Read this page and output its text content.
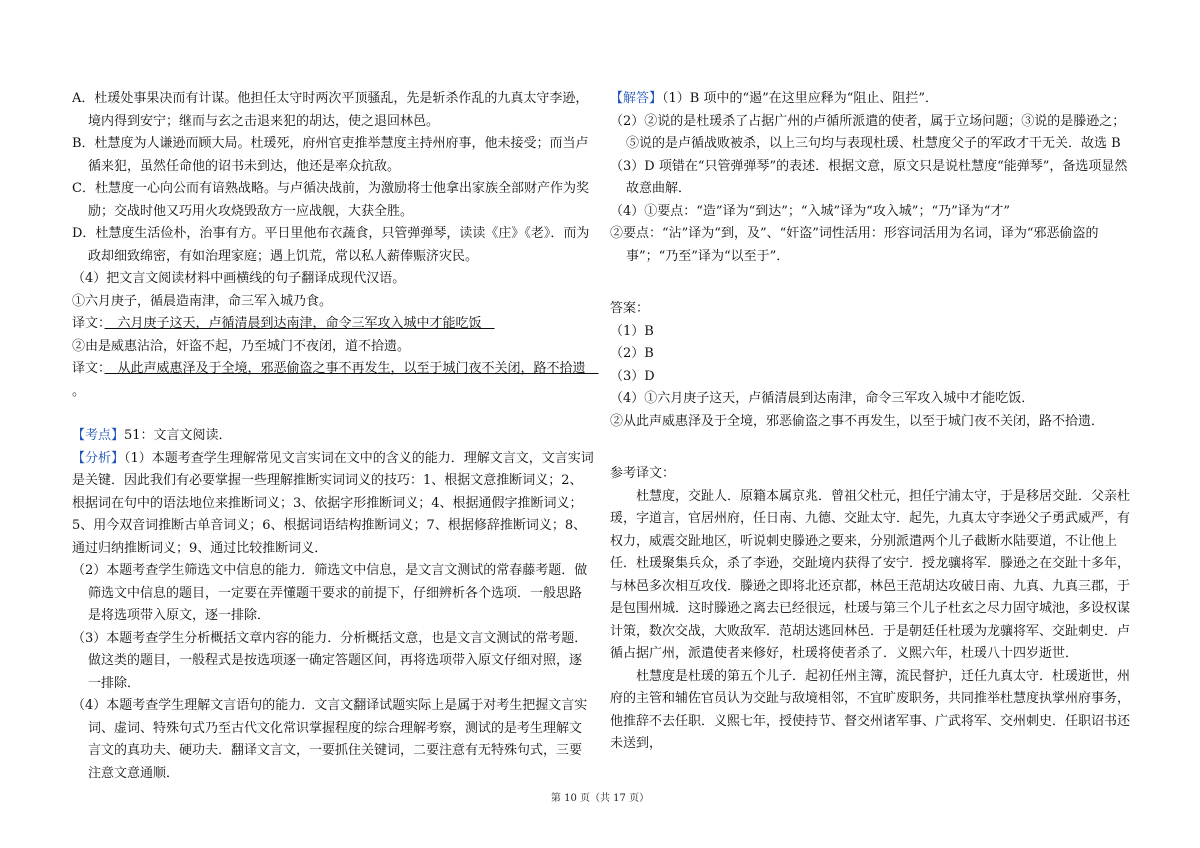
A．杜瑗处事果决而有计谋。他担任太守时两次平顶骚乱，先是斩杀作乱的九真太守李逊，境内得到安宁；继而与玄之击退来犯的胡达，使之退回林邑。

B．杜慧度为人谦逊而顾大局。杜瑗死，府州官吏推举慧度主持州府事，他未接受；而当卢循来犯，虽然任命他的诏书未到达，他还是率众抗敌。

C．杜慧度一心向公而有谙熟战略。与卢循决战前，为激励将士他拿出家族全部财产作为奖励；交战时他又巧用火攻烧毁敌方一应战舰，大获全胜。

D．杜慧度生活俭朴，治事有方。平日里他布衣蔬食，只管弹弹琴，读读《庄》《老》．而为政却细致绵密，有如治理家庭；遇上饥荒，常以私人薪俸赈济灾民。

（4）把文言文阅读材料中画横线的句子翻译成现代汉语。

①六月庚子，循晨造南津，命三军入城乃食。

译文：　六月庚子这天，卢循清晨到达南津，命令三军攻入城中才能吃饭　

②由是威惠沾洽，奸盗不起，乃至城门不夜闭，道不拾遗。

译文：　从此声威惠泽及于全境，邪恶偷盗之事不再发生，以至于城门夜不关闭，路不拾遗　。

【考点】51：文言文阅读．

【分析】（1）本题考查学生理解常见文言实词在文中的含义的能力．理解文言文，文言实词是关键．因此我们有必要掌握一些理解推断实词词义的技巧：1、根据文意推断词义；2、根据词在句中的语法地位来推断词义；3、依据字形推断词义；4、根据通假字推断词义；5、用今双音词推断古单音词义；6、根据词语结构推断词义；7、根据修辞推断词义；8、通过归纳推断词义；9、通过比较推断词义．

（2）本题考查学生筛选文中信息的能力．筛选文中信息，是文言文测试的常春藤考题．做筛选文中信息的题目，一定要在弄懂题干要求的前提下，仔细辨析各个选项．一般思路是将选项带入原文，逐一排除．

（3）本题考查学生分析概括文章内容的能力．分析概括文意，也是文言文测试的常考题．做这类的题目，一般程式是按选项逐一确定答题区间，再将选项带入原文仔细对照，逐一排除．

（4）本题考查学生理解文言语句的能力．文言文翻译试题实际上是属于对考生把握文言实词、虚词、特殊句式乃至古代文化常识掌握程度的综合理解考察，测试的是考生理解文言文的真功夫、硬功夫．翻译文言文，一要抓住关键词，二要注意有无特殊句式，三要注意文意通顺．

【解答】（1）B 项中的“遏”在这里应释为“阻止、阻拦”．

（2）②说的是杜瑗杀了占据广州的卢循所派遣的使者，属于立场问题；③说的是滕逊之；⑤说的是卢循战败被杀，以上三句均与表现杜瑗、杜慧度父子的军政才干无关．故选 B

（3）D 项错在“只管弹弹琴”的表述．根据文意，原文只是说杜慧度“能弹琴”，备选项显然故意曲解．

（4）①要点：“造”译为“到达”；“入城”译为“攻入城”；“乃”译为“才”

②要点：“沾”译为“到，及”、“奸盗”词性活用：形容词活用为名词，译为“邪恶偷盗的事”；“乃至”译为“以至于”．

答案：

（1）B

（2）B

（3）D

（4）①六月庚子这天，卢循清晨到达南津，命令三军攻入城中才能吃饭．

②从此声威惠泽及于全境，邪恶偷盗之事不再发生，以至于城门夜不关闭，路不拾遗．

参考译文：

杜慧度，交趾人．原籍本属京兆．曾祖父杜元，担任宁浦太守，于是移居交趾．父亲杜瑗，字道言，官居州府，任日南、九德、交趾太守．起先，九真太守李逊父子勇武威严，有权力，威震交趾地区，听说刺史滕逊之要来，分别派遣两个儿子截断水陆要道，不让他上任．杜瑗聚集兵众，杀了李逊，交趾境内获得了安宁．授龙骧将军．滕逊之在交趾十多年，与林邑多次相互攻伐．滕逊之即将北还京都，林邑王范胡达攻破日南、九真、九真三郡，于是包围州城．这时滕逊之离去已经很远，杜瑗与第三个儿子杜玄之尽力固守城池，多设权谋计策，数次交战，大败敌军．范胡达逃回林邑．于是朝廷任杜瑗为龙骧将军、交趾刺史．卢循占据广州，派遣使者来修好，杜瑗将使者杀了．义熙六年，杜瑗八十四岁逝世．

杜慧度是杜瑗的第五个儿子．起初任州主簿，流民督护，迁任九真太守．杜瑗逝世，州府的主管和辅佐官员认为交趾与敌境相邻，不宜旷废职务，共同推举杜慧度执掌州府事务，他推辞不去任职．义熙七年，授使持节、督交州诸军事、广武将军、交州刺史．任职诏书还未送到，

第 10 页（共 17 页）
